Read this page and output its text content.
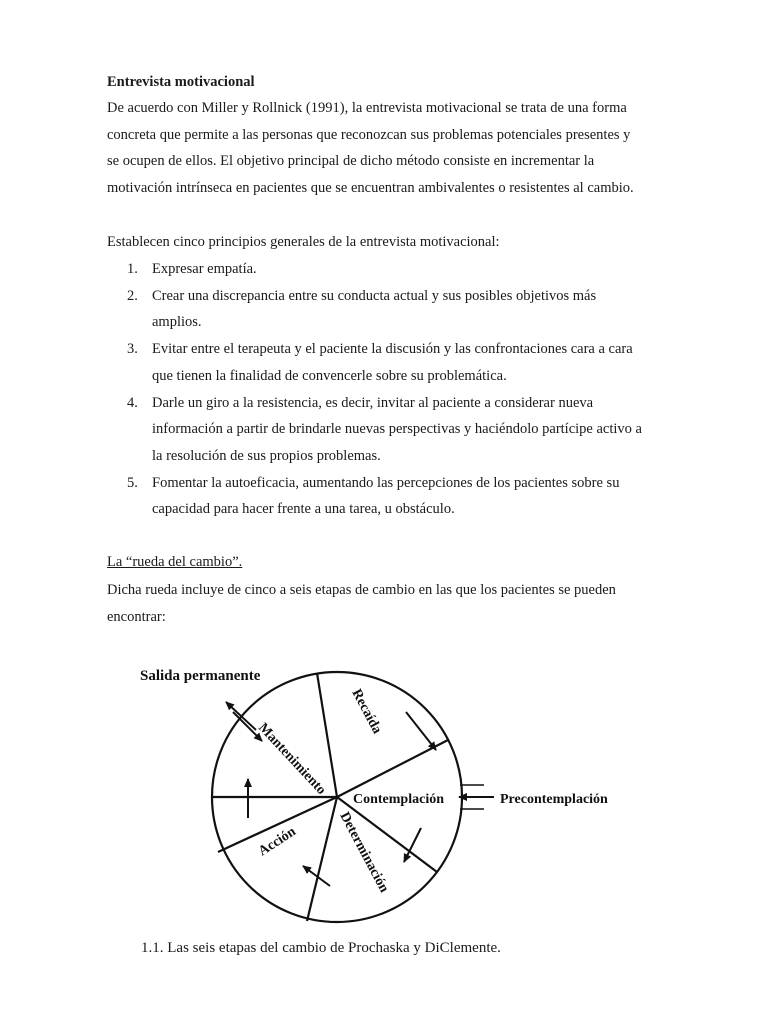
Entrevista motivacional

De acuerdo con Miller y Rollnick (1991), la entrevista motivacional se trata de una forma
concreta que permite a las personas que reconozcan sus problemas potenciales presentes y
se ocupen de ellos. El objetivo principal de dicho método consiste en incrementar la
motivación intrínseca en pacientes que se encuentran ambivalentes o resistentes al cambio.

Establecen cinco principios generales de la entrevista motivacional:

1. Expresar empatía.
2. Crear una discrepancia entre su conducta actual y sus posibles objetivos más
amplios.
3. Evitar entre el terapeuta y el paciente la discusión y las confrontaciones cara a cara
que tienen la finalidad de convencerle sobre su problemática.
4. Darle un giro a la resistencia, es decir, invitar al paciente a considerar nueva
información a partir de brindarle nuevas perspectivas y haciéndolo partícipe activo a
la resolución de sus propios problemas.
5. Fomentar la autoeficacia, aumentando las percepciones de los pacientes sobre su
capacidad para hacer frente a una tarea, u obstáculo.

La “rueda del cambio”.

Dicha rueda incluye de cinco a seis etapas de cambio en las que los pacientes se pueden
encontrar:

Salida permanente
Recaída
Mantenimiento
Contemplación
Determinación
Acción
Precontemplación

1.1. Las seis etapas del cambio de Prochaska y DiClemente.
